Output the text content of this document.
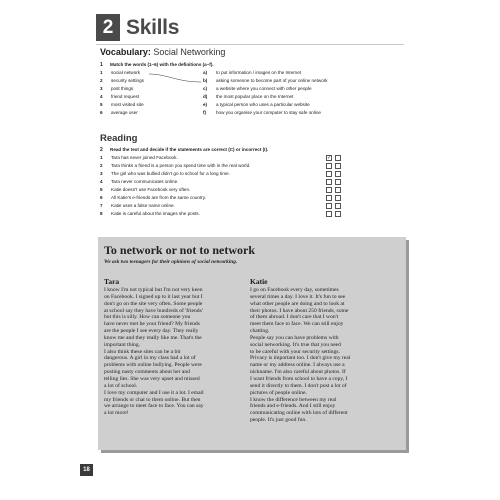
2 Skills
Vocabulary: Social Networking
1 Match the words (1–6) with the definitions (a–f).
1 social network	a) to put information / images on the Internet
2 security settings	b) asking someone to become part of your online network
3 post things	c) a website where you connect with other people
4 friend request	d) the most popular place on the Internet
5 most visited site	e) a typical person who uses a particular website
6 average user	f) how you organise your computer to stay safe online
Reading
2 Read the text and decide if the statements are correct (C) or incorrect (I).
1 Tara has never joined Facebook.	✓
2 Tara thinks a friend is a person you spend time with in the real world.
3 The girl who was bullied didn't go to school for a long time.
4 Tara never communicates online.
5 Katie doesn't use Facebook very often.
6 All Katie's e-friends are from the same country.
7 Katie uses a false name online.
8 Katie is careful about the images she posts.
To network or not to network
We ask two teenagers for their opinions of social networking.
Tara
I know I'm not typical but I'm not very keen
on Facebook. I signed up to it last year but I
don't go on the site very often. Some people
at school say they have hundreds of 'friends'
but this is silly. How can someone you
have never met be your friend? My friends
are the people I see every day. They really
know me and they really like me. That's the
important thing.
I also think these sites can be a bit
dangerous. A girl in my class had a lot of
problems with online bullying. People were
posting nasty comments about her and
telling lies. She was very upset and missed
a lot of school.
I love my computer and I use it a lot. I email
my friends or chat to them online. But then
we arrange to meet face to face. You can say
a lot more!
Katie
I go on Facebook every day, sometimes
several times a day. I love it. It's fun to see
what other people are doing and to look at
their photos. I have about 250 friends, some
of them abroad. I don't care that I won't
meet them face to face. We can still enjoy
chatting.
People say you can have problems with
social networking. It's true that you need
to be careful with your security settings.
Privacy is important too. I don't give my real
name or my address online. I always use a
nickname. I'm also careful about photos. If
I want friends from school to have a copy, I
send it directly to them. I don't post a lot of
pictures of people online.
I know the difference between my real
friends and e-friends. And I still enjoy
communicating online with lots of different
people. It's just good fun.
18
